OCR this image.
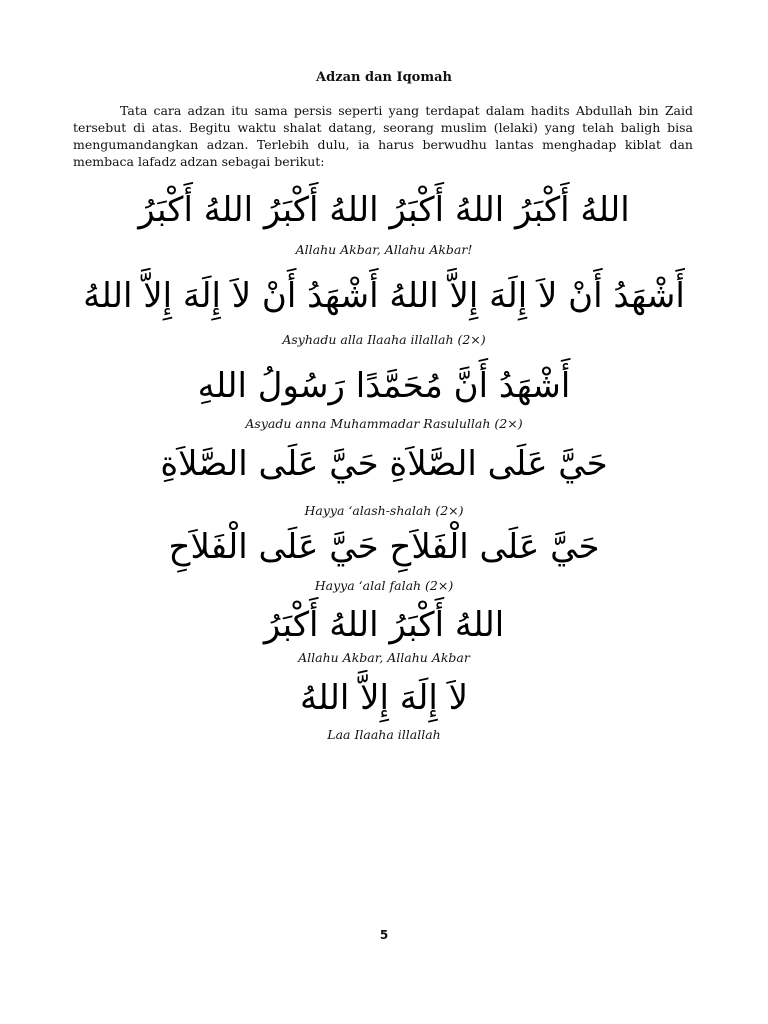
Adzan dan Iqomah

Tata cara adzan itu sama persis seperti yang terdapat dalam hadits Abdullah bin Zaid tersebut di atas. Begitu waktu shalat datang, seorang muslim (lelaki) yang telah baligh bisa mengumandangkan adzan. Terlebih dulu, ia harus berwudhu lantas menghadap kiblat dan membaca lafadz adzan sebagai berikut:

اللهُ أَكْبَرُ اللهُ أَكْبَرُ اللهُ أَكْبَرُ اللهُ أَكْبَرُ
Allahu Akbar, Allahu Akbar!
أَشْهَدُ أَنْ لاَ إِلَهَ إِلاَّ اللهُ أَشْهَدُ أَنْ لاَ إِلَهَ إِلاَّ اللهُ
Asyhadu alla Ilaaha illallah (2×)
أَشْهَدُ أَنَّ مُحَمَّدًا رَسُولُ اللهِ
Asyadu anna Muhammadar Rasulullah (2×)
حَيَّ عَلَى الصَّلاَةِ حَيَّ عَلَى الصَّلاَةِ
Hayya ‘alash-shalah (2×)
حَيَّ عَلَى الْفَلاَحِ حَيَّ عَلَى الْفَلاَحِ
Hayya ‘alal falah (2×)
اللهُ أَكْبَرُ اللهُ أَكْبَرُ
Allahu Akbar, Allahu Akbar
لاَ إِلَهَ إِلاَّ اللهُ
Laa Ilaaha illallah
5
